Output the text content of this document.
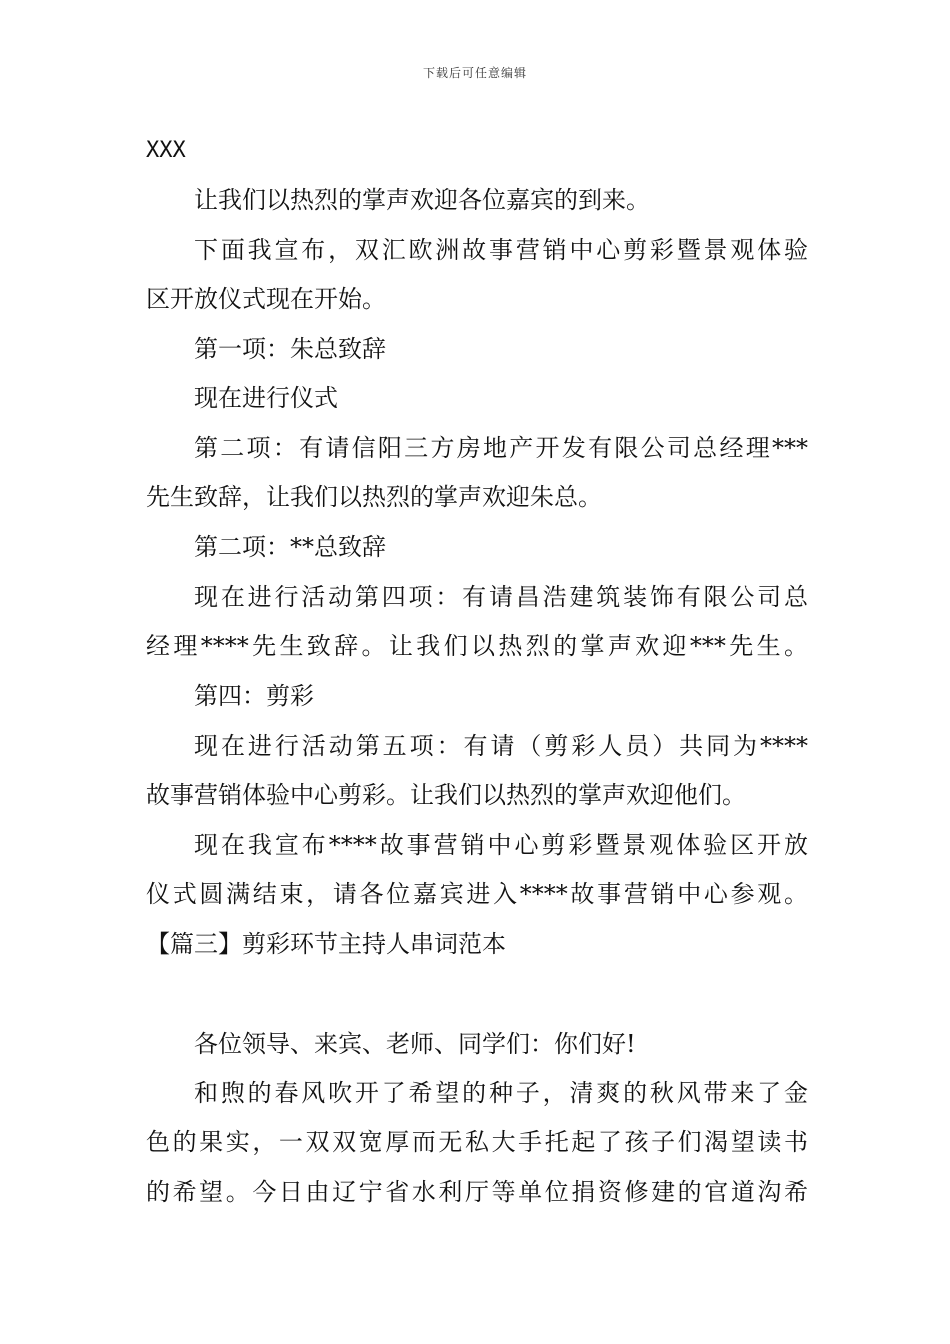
下载后可任意编辑
XXX
让我们以热烈的掌声欢迎各位嘉宾的到来。
下面我宣布，双汇欧洲故事营销中心剪彩暨景观体验
区开放仪式现在开始。
第一项：朱总致辞
现在进行仪式
第二项：有请信阳三方房地产开发有限公司总经理***
先生致辞，让我们以热烈的掌声欢迎朱总。
第二项：**总致辞
现在进行活动第四项：有请昌浩建筑装饰有限公司总
经理****先生致辞。让我们以热烈的掌声欢迎***先生。
第四：剪彩
现在进行活动第五项：有请（剪彩人员）共同为****
故事营销体验中心剪彩。让我们以热烈的掌声欢迎他们。
现在我宣布****故事营销中心剪彩暨景观体验区开放
仪式圆满结束，请各位嘉宾进入****故事营销中心参观。
【篇三】剪彩环节主持人串词范本
各位领导、来宾、老师、同学们：你们好!
和煦的春风吹开了希望的种子，清爽的秋风带来了金
色的果实，一双双宽厚而无私大手托起了孩子们渴望读书
的希望。今日由辽宁省水利厅等单位捐资修建的官道沟希
